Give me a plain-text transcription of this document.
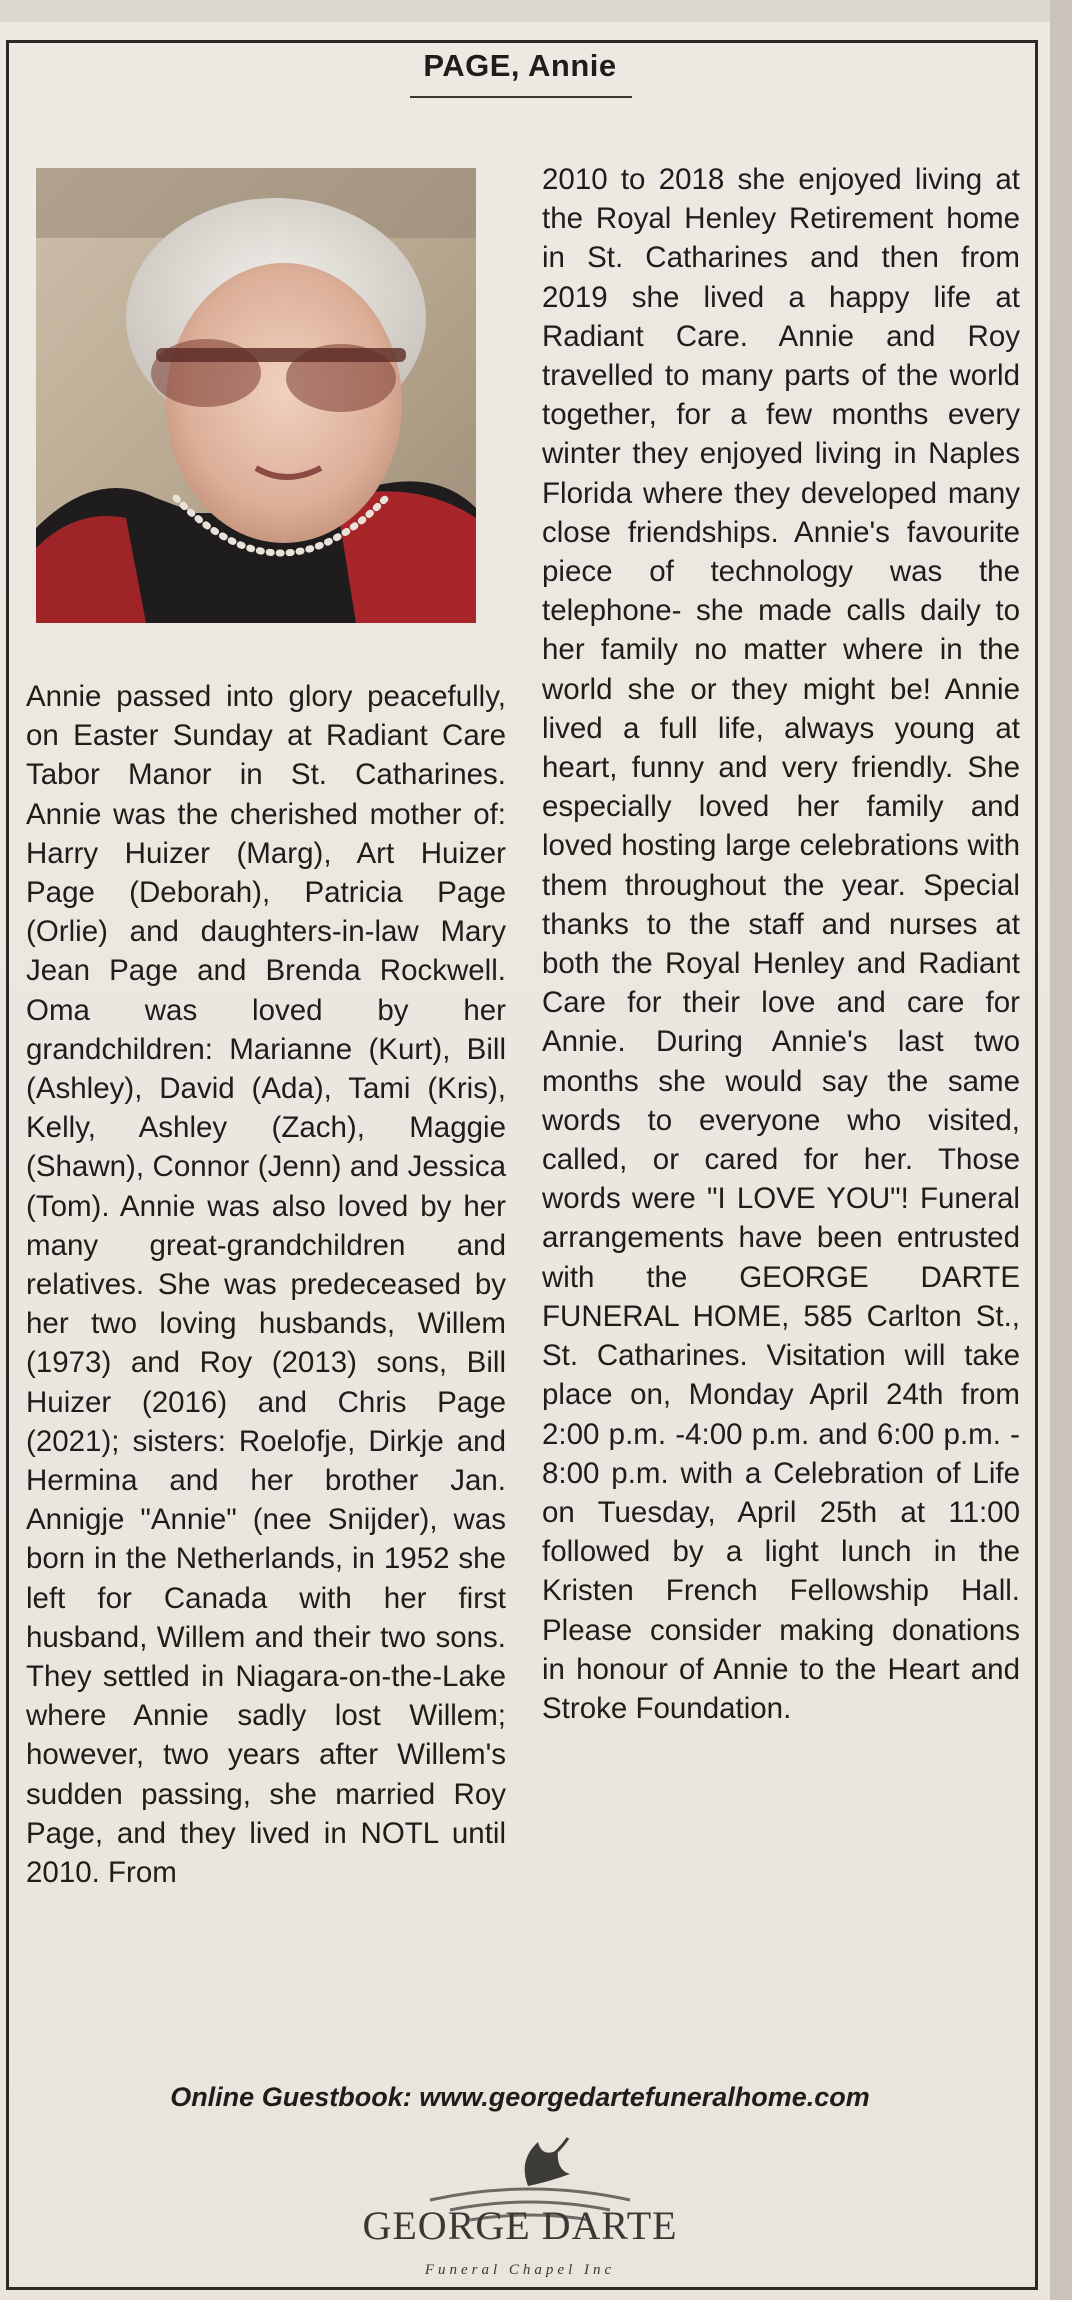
PAGE, Annie

Annie passed into glory peacefully, on Easter Sunday at Radiant Care Tabor Manor in St. Catharines. Annie was the cherished mother of: Harry Huizer (Marg), Art Huizer Page (Deborah), Patricia Page (Orlie) and daughters-in-law Mary Jean Page and Brenda Rockwell. Oma was loved by her grandchildren: Marianne (Kurt), Bill (Ashley), David (Ada), Tami (Kris), Kelly, Ashley (Zach), Maggie (Shawn), Connor (Jenn) and Jessica (Tom). Annie was also loved by her many great-grandchildren and relatives. She was predeceased by her two loving husbands, Willem (1973) and Roy (2013) sons, Bill Huizer (2016) and Chris Page (2021); sisters: Roelofje, Dirkje and Hermina and her brother Jan. Annigje "Annie" (nee Snijder), was born in the Netherlands, in 1952 she left for Canada with her first husband, Willem and their two sons. They settled in Niagara-on-the-Lake where Annie sadly lost Willem; however, two years after Willem's sudden passing, she married Roy Page, and they lived in NOTL until 2010. From

2010 to 2018 she enjoyed living at the Royal Henley Retirement home in St. Catharines and then from 2019 she lived a happy life at Radiant Care. Annie and Roy travelled to many parts of the world together, for a few months every winter they enjoyed living in Naples Florida where they developed many close friendships. Annie's favourite piece of technology was the telephone- she made calls daily to her family no matter where in the world she or they might be! Annie lived a full life, always young at heart, funny and very friendly. She especially loved her family and loved hosting large celebrations with them throughout the year. Special thanks to the staff and nurses at both the Royal Henley and Radiant Care for their love and care for Annie. During Annie's last two months she would say the same words to everyone who visited, called, or cared for her. Those words were "I LOVE YOU"! Funeral arrangements have been entrusted with the GEORGE DARTE FUNERAL HOME, 585 Carlton St., St. Catharines. Visitation will take place on, Monday April 24th from 2:00 p.m. -4:00 p.m. and 6:00 p.m. - 8:00 p.m. with a Celebration of Life on Tuesday, April 25th at 11:00 followed by a light lunch in the Kristen French Fellowship Hall. Please consider making donations in honour of Annie to the Heart and Stroke Foundation.

Online Guestbook: www.georgedartefuneralhome.com
GEORGE DARTE
Funeral Chapel Inc
